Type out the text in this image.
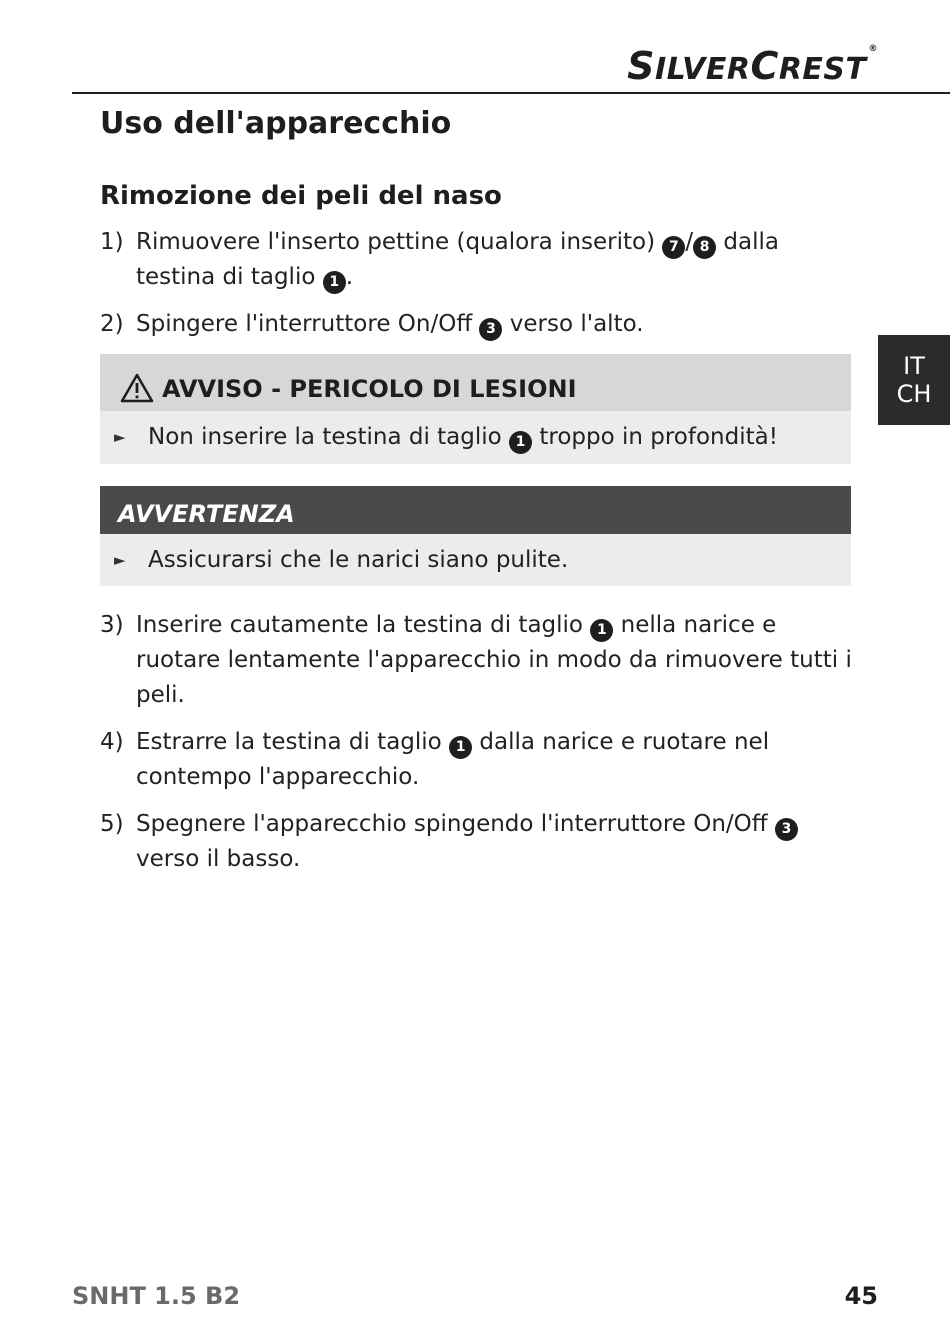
SILVERCREST®
IT
CH
Uso dell'apparecchio
Rimozione dei peli del naso
1) Rimuovere l'inserto pettine (qualora inserito) 7 / 8 dalla testina di taglio 1 .
2) Spingere l'interruttore On/Off 3 verso l'alto.
AVVISO - PERICOLO DI LESIONI
► Non inserire la testina di taglio 1 troppo in profondità!
AVVERTENZA
► Assicurarsi che le narici siano pulite.
3) Inserire cautamente la testina di taglio 1 nella narice e ruotare lentamente l'apparecchio in modo da rimuovere tutti i peli.
4) Estrarre la testina di taglio 1 dalla narice e ruotare nel contempo l'apparecchio.
5) Spegnere l'apparecchio spingendo l'interruttore On/Off 3 verso il basso.
SNHT 1.5 B2	45
